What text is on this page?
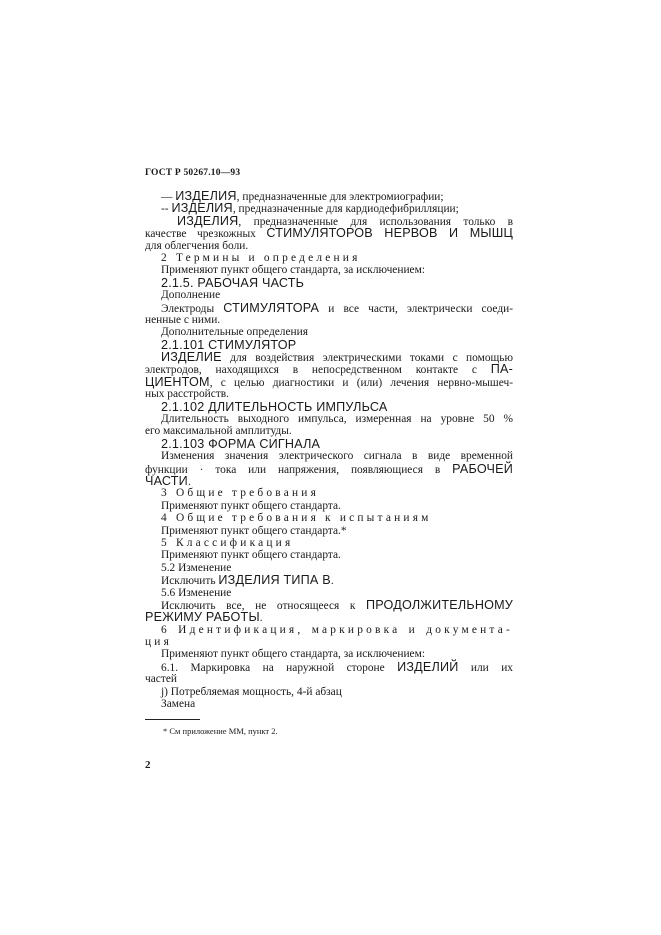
ГОСТ Р 50267.10—93
— ИЗДЕЛИЯ, предназначенные для электромиографии;
-- ИЗДЕЛИЯ, предназначенные для кардиодефибрилляции;
ИЗДЕЛИЯ, предназначенные для использования только в
качестве чрезкожных СТИМУЛЯТОРОВ НЕРВОВ И МЫШЦ
для облегчения боли.
2 Термины и определения
Применяют пункт общего стандарта, за исключением:
2.1.5. РАБОЧАЯ ЧАСТЬ
Дополнение
Электроды СТИМУЛЯТОРА и все части, электрически соеди-
ненные с ними.
Дополнительные определения
2.1.101 СТИМУЛЯТОР
ИЗДЕЛИЕ для воздействия электрическими токами с помощью
электродов, находящихся в непосредственном контакте с ПА-
ЦИЕНТОМ, с целью диагностики и (или) лечения нервно-мышеч-
ных расстройств.
2.1.102 ДЛИТЕЛЬНОСТЬ ИМПУЛЬСА
Длительность выходного импульса, измеренная на уровне 50 %
его максимальной амплитуды.
2.1.103 ФОРМА СИГНАЛА
Изменения значения электрического сигнала в виде временной
функции · тока или напряжения, появляющиеся в РАБОЧЕЙ
ЧАСТИ.
3 Общие требования
Применяют пункт общего стандарта.
4 Общие требования к испытаниям
Применяют пункт общего стандарта.*
5 Классификация
Применяют пункт общего стандарта.
5.2 Изменение
Исключить ИЗДЕЛИЯ ТИПА В.
5.6 Изменение
Исключить все, не относящееся к ПРОДОЛЖИТЕЛЬНОМУ
РЕЖИМУ РАБОТЫ.
6 Идентификация, маркировка и документа-
ция
Применяют пункт общего стандарта, за исключением:
6.1. Маркировка на наружной стороне ИЗДЕЛИЙ или их
частей
j) Потребляемая мощность, 4-й абзац
Замена
* См приложение ММ, пункт 2.
2
